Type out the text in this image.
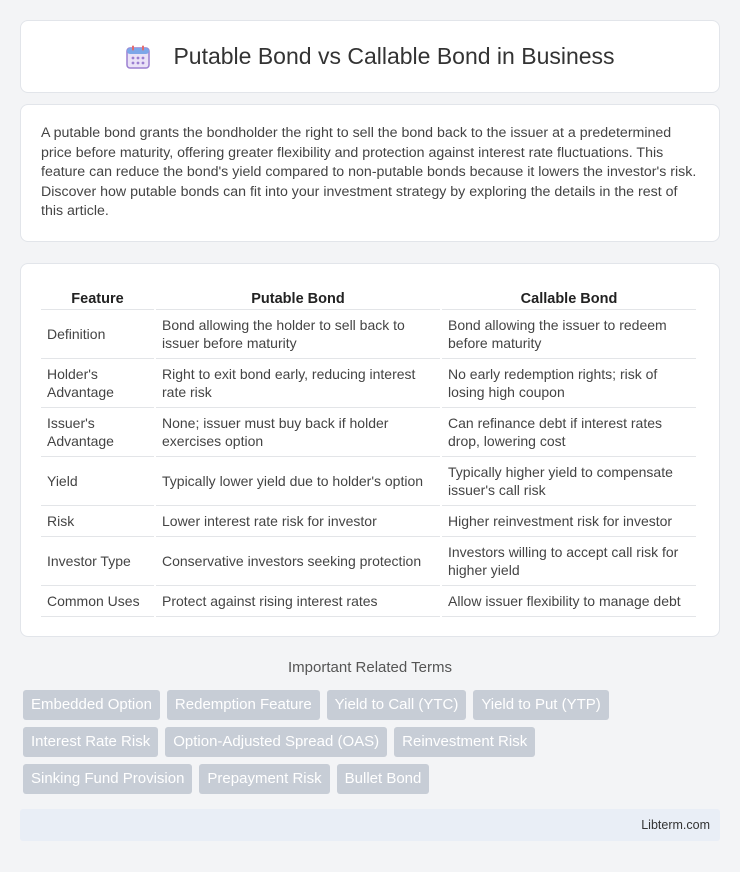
Putable Bond vs Callable Bond in Business

A putable bond grants the bondholder the right to sell the bond back to the issuer at a predetermined price before maturity, offering greater flexibility and protection against interest rate fluctuations. This feature can reduce the bond's yield compared to non-putable bonds because it lowers the investor's risk. Discover how putable bonds can fit into your investment strategy by exploring the details in the rest of this article.

Feature	Putable Bond	Callable Bond
Definition	Bond allowing the holder to sell back to issuer before maturity	Bond allowing the issuer to redeem before maturity
Holder's Advantage	Right to exit bond early, reducing interest rate risk	No early redemption rights; risk of losing high coupon
Issuer's Advantage	None; issuer must buy back if holder exercises option	Can refinance debt if interest rates drop, lowering cost
Yield	Typically lower yield due to holder's option	Typically higher yield to compensate issuer's call risk
Risk	Lower interest rate risk for investor	Higher reinvestment risk for investor
Investor Type	Conservative investors seeking protection	Investors willing to accept call risk for higher yield
Common Uses	Protect against rising interest rates	Allow issuer flexibility to manage debt
Important Related Terms
Embedded Option	Redemption Feature	Yield to Call (YTC)	Yield to Put (YTP)
Interest Rate Risk	Option-Adjusted Spread (OAS)	Reinvestment Risk
Sinking Fund Provision	Prepayment Risk	Bullet Bond
Libterm.com
